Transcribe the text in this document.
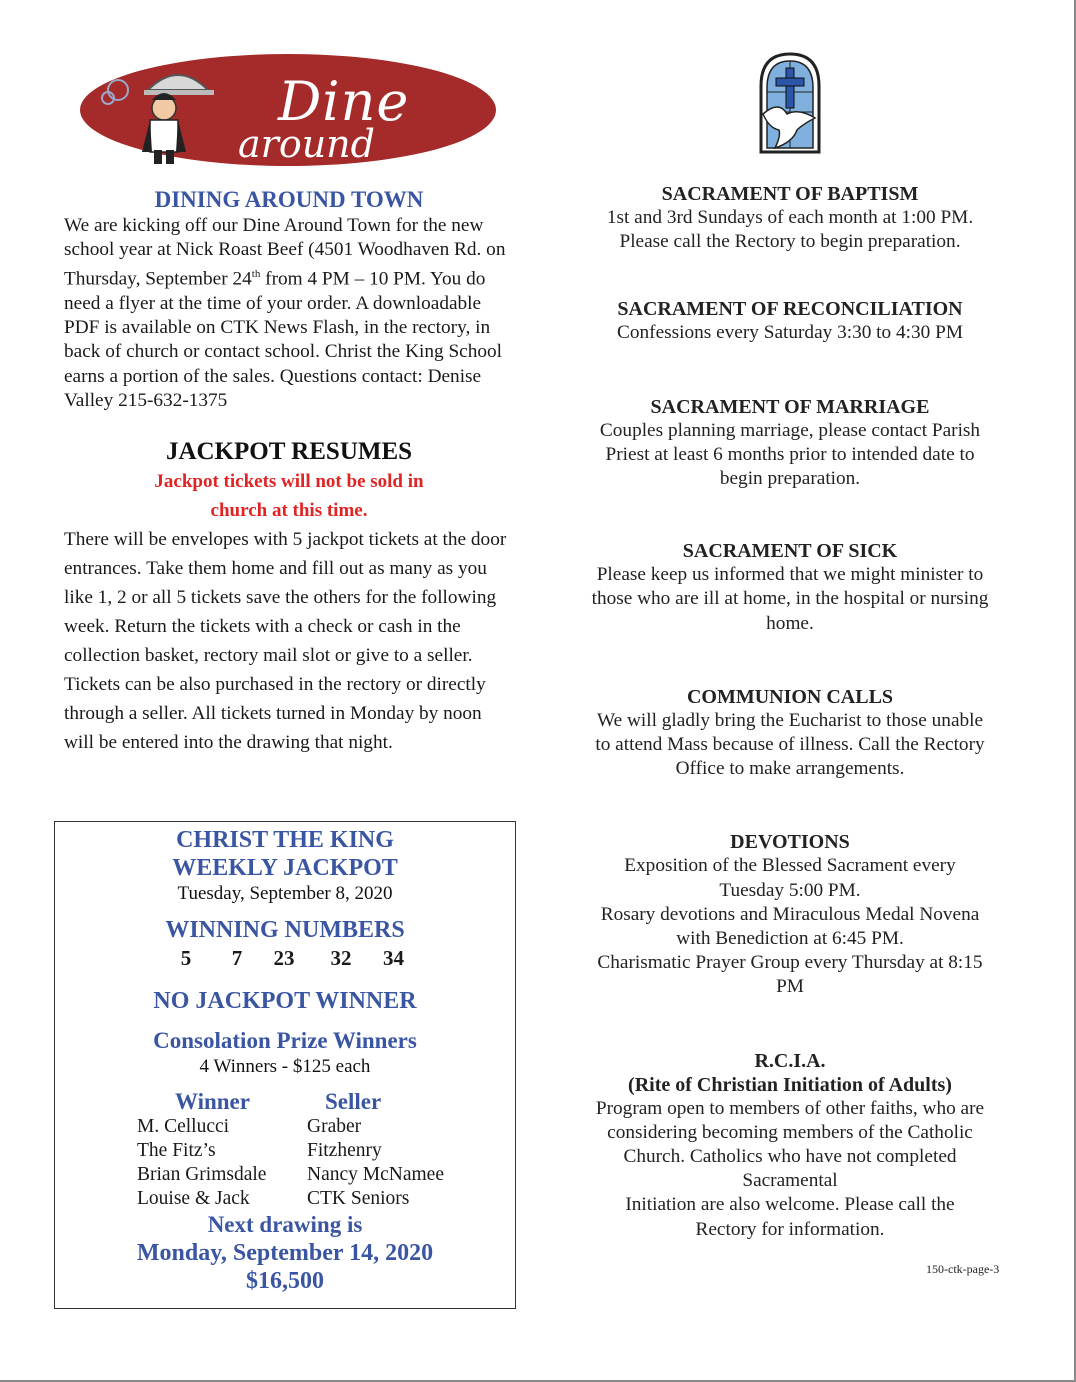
Dine
around
DINING AROUND TOWN

We are kicking off our Dine Around Town for the new school year at Nick Roast Beef (4501 Woodhaven Rd. on Thursday, September 24th from 4 PM – 10 PM. You do need a flyer at the time of your order. A downloadable PDF is available on CTK News Flash, in the rectory, in back of church or contact school. Christ the King School earns a portion of the sales. Questions contact: Denise Valley 215-632-1375

JACKPOT RESUMES
Jackpot tickets will not be sold in
church at this time.

There will be envelopes with 5 jackpot tickets at the door entrances. Take them home and fill out as many as you like 1, 2 or all 5 tickets save the others for the following week. Return the tickets with a check or cash in the collection basket, rectory mail slot or give to a seller. Tickets can be also purchased in the rectory or directly through a seller. All tickets turned in Monday by noon will be entered into the drawing that night.

CHRIST THE KING
WEEKLY JACKPOT
Tuesday, September 8, 2020
WINNING NUMBERS
5	7	23	32	34
NO JACKPOT WINNER
Consolation Prize Winners
4 Winners - $125 each
Winner	Seller
M. Cellucci	Graber
The Fitz’s	Fitzhenry
Brian Grimsdale	Nancy McNamee
Louise & Jack	CTK Seniors
Next drawing is
Monday, September 14, 2020
$16,500
SACRAMENT OF BAPTISM
1st and 3rd Sundays of each month at 1:00 PM.
Please call the Rectory to begin preparation.
SACRAMENT OF RECONCILIATION
Confessions every Saturday 3:30 to 4:30 PM
SACRAMENT OF MARRIAGE
Couples planning marriage, please contact Parish
Priest at least 6 months prior to intended date to
begin preparation.
SACRAMENT OF SICK
Please keep us informed that we might minister to
those who are ill at home, in the hospital or nursing
home.
COMMUNION CALLS
We will gladly bring the Eucharist to those unable
to attend Mass because of illness. Call the Rectory
Office to make arrangements.
DEVOTIONS
Exposition of the Blessed Sacrament every
Tuesday 5:00 PM.
Rosary devotions and Miraculous Medal Novena
with Benediction at 6:45 PM.
Charismatic Prayer Group every Thursday at 8:15
PM
R.C.I.A.
(Rite of Christian Initiation of Adults)
Program open to members of other faiths, who are
considering becoming members of the Catholic
Church. Catholics who have not completed
Sacramental
Initiation are also welcome. Please call the
Rectory for information.
150-ctk-page-3
